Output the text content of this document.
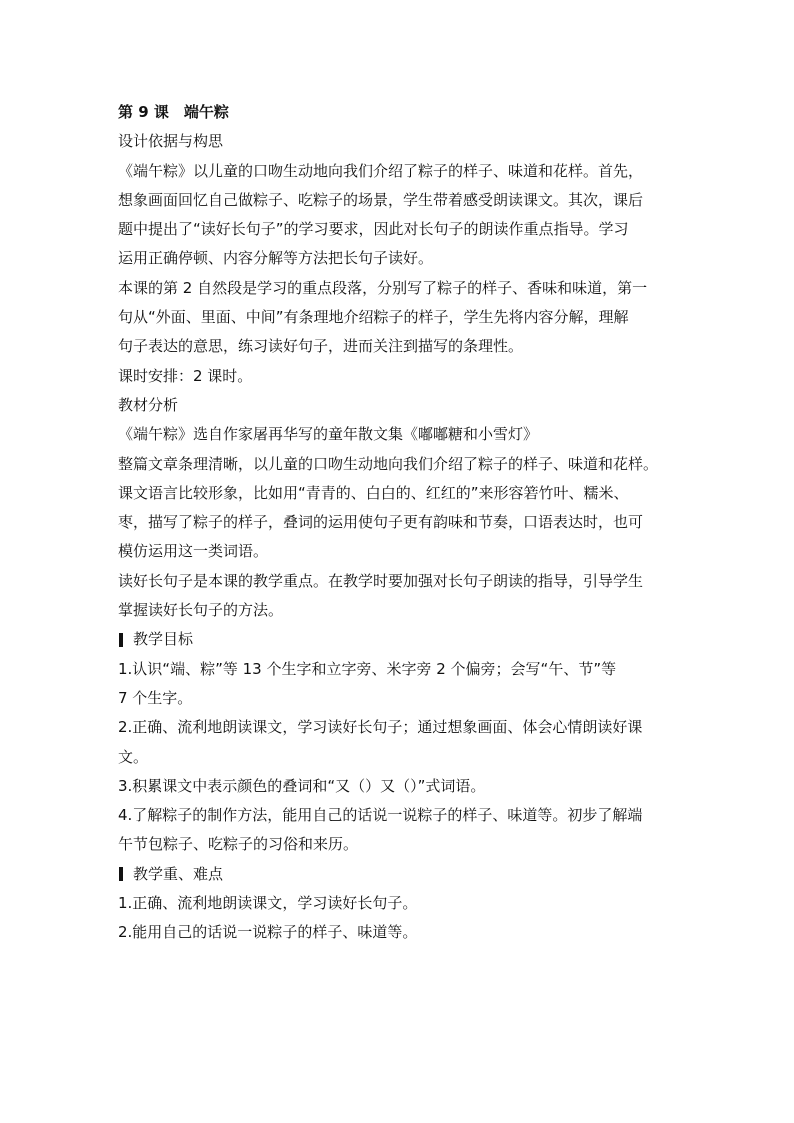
第 9 课　端午粽

设计依据与构思

《端午粽》以儿童的口吻生动地向我们介绍了粽子的样子、味道和花样。首先，

想象画面回忆自己做粽子、吃粽子的场景，学生带着感受朗读课文。其次，课后

题中提出了“读好长句子”的学习要求，因此对长句子的朗读作重点指导。学习

运用正确停顿、内容分解等方法把长句子读好。

本课的第 2 自然段是学习的重点段落，分别写了粽子的样子、香味和味道，第一

句从“外面、里面、中间”有条理地介绍粽子的样子，学生先将内容分解，理解

句子表达的意思，练习读好句子，进而关注到描写的条理性。

课时安排：2 课时。

教材分析

《端午粽》选自作家屠再华写的童年散文集《嘟嘟糖和小雪灯》

整篇文章条理清晰，以儿童的口吻生动地向我们介绍了粽子的样子、味道和花样。

课文语言比较形象，比如用“青青的、白白的、红红的”来形容箬竹叶、糯米、

枣，描写了粽子的样子，叠词的运用使句子更有韵味和节奏，口语表达时，也可

模仿运用这一类词语。

读好长句子是本课的教学重点。在教学时要加强对长句子朗读的指导，引导学生

掌握读好长句子的方法。

教学目标

1.认识“端、粽”等 13 个生字和立字旁、米字旁 2 个偏旁；会写“午、节”等

7 个生字。

2.正确、流利地朗读课文，学习读好长句子；通过想象画面、体会心情朗读好课

文。

3.积累课文中表示颜色的叠词和“又（）又（）”式词语。

4.了解粽子的制作方法，能用自己的话说一说粽子的样子、味道等。初步了解端

午节包粽子、吃粽子的习俗和来历。

教学重、难点

1.正确、流利地朗读课文，学习读好长句子。

2.能用自己的话说一说粽子的样子、味道等。
